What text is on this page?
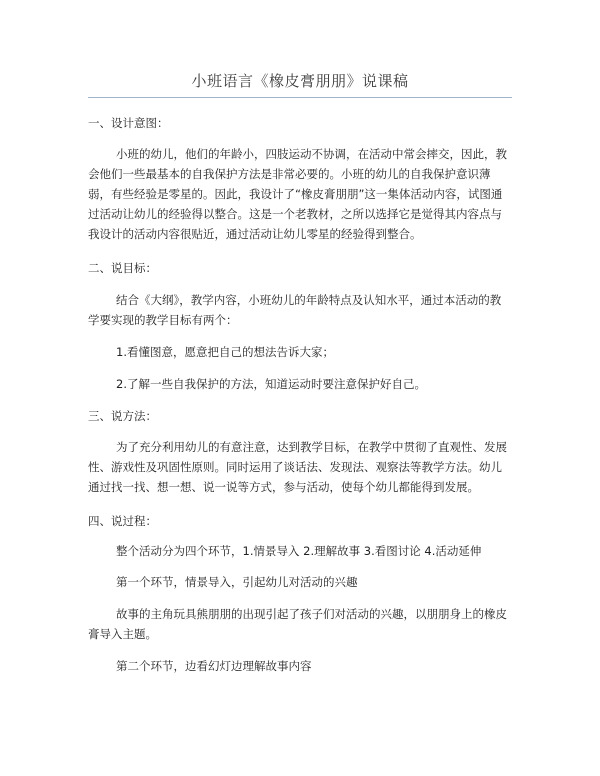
小班语言《橡皮膏朋朋》说课稿

一、设计意图：

小班的幼儿，他们的年龄小，四肢运动不协调，在活动中常会摔交，因此，教会他们一些最基本的自我保护方法是非常必要的。小班的幼儿的自我保护意识薄弱，有些经验是零星的。因此，我设计了“橡皮膏朋朋”这一集体活动内容，试图通过活动让幼儿的经验得以整合。这是一个老教材，之所以选择它是觉得其内容点与我设计的活动内容很贴近，通过活动让幼儿零星的经验得到整合。

二、说目标：

结合《大纲》，教学内容，小班幼儿的年龄特点及认知水平，通过本活动的教学要实现的教学目标有两个：

1.看懂图意，愿意把自己的想法告诉大家；

2.了解一些自我保护的方法，知道运动时要注意保护好自己。

三、说方法：

为了充分利用幼儿的有意注意，达到教学目标，在教学中贯彻了直观性、发展性、游戏性及巩固性原则。同时运用了谈话法、发现法、观察法等教学方法。幼儿通过找一找、想一想、说一说等方式，参与活动，使每个幼儿都能得到发展。

四、说过程：

整个活动分为四个环节，1.情景导入 2.理解故事 3.看图讨论 4.活动延伸

第一个环节，情景导入，引起幼儿对活动的兴趣

故事的主角玩具熊朋朋的出现引起了孩子们对活动的兴趣，以朋朋身上的橡皮膏导入主题。

第二个环节，边看幻灯边理解故事内容
